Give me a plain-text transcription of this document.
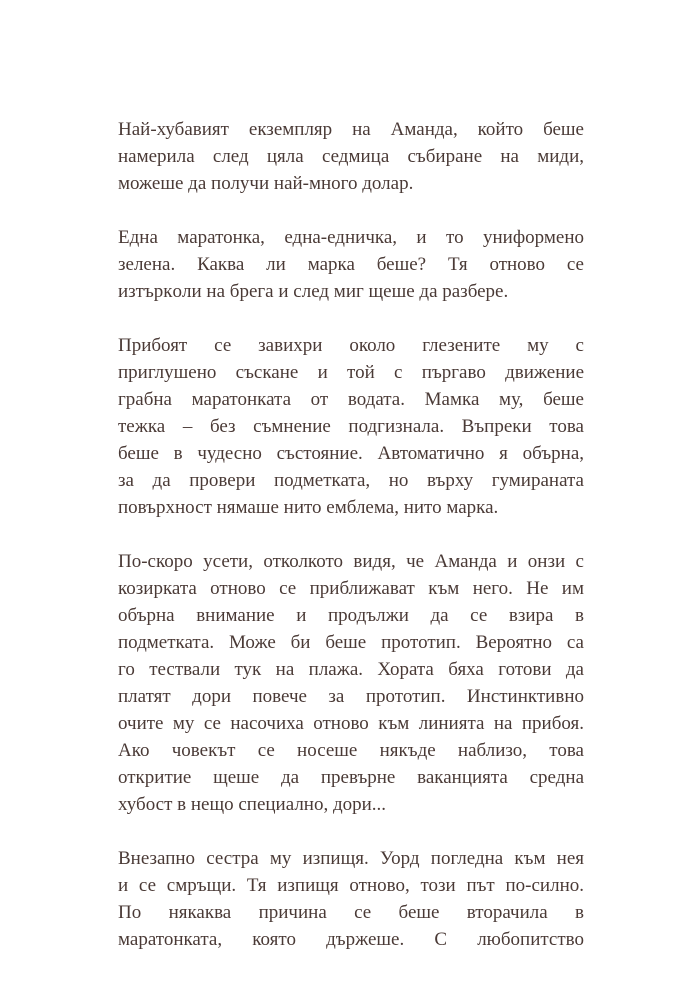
Най-хубавият екземпляр на Аманда, който беше
намерила след цяла седмица събиране на миди,
можеше да получи най-много долар.

Една маратонка, една-едничка, и то униформено
зелена. Каква ли марка беше? Тя отново се
изтъркoли на брега и след миг щеше да разбере.

Прибоят се завихри около глезените му с
приглушено съскане и той с пъргаво движение
грабна маратонката от водата. Мамка му, беше
тежка – без съмнение подгизнала. Въпреки това
беше в чудесно състояние. Автоматично я обърна,
за да провери подметката, но върху гумираната
повърхност нямаше нито емблема, нито марка.

По-скоро усети, отколкото видя, че Аманда и онзи с
козирката отново се приближават към него. Не им
обърна внимание и продължи да се взира в
подметката. Може би беше прототип. Вероятно са
го тествали тук на плажа. Хората бяха готови да
платят дори повече за прототип. Инстинктивно
очите му се насочиха отново към линията на прибоя.
Ако човекът се носеше някъде наблизо, това
откритие щеше да превърне ваканцията средна
хубост в нещо специално, дори...

Внезапно сестра му изпищя. Уорд погледна към нея
и се смръщи. Тя изпищя отново, този път по-силно.
По някаква причина се беше вторачила в
маратонката, която държеше. С любопитство
